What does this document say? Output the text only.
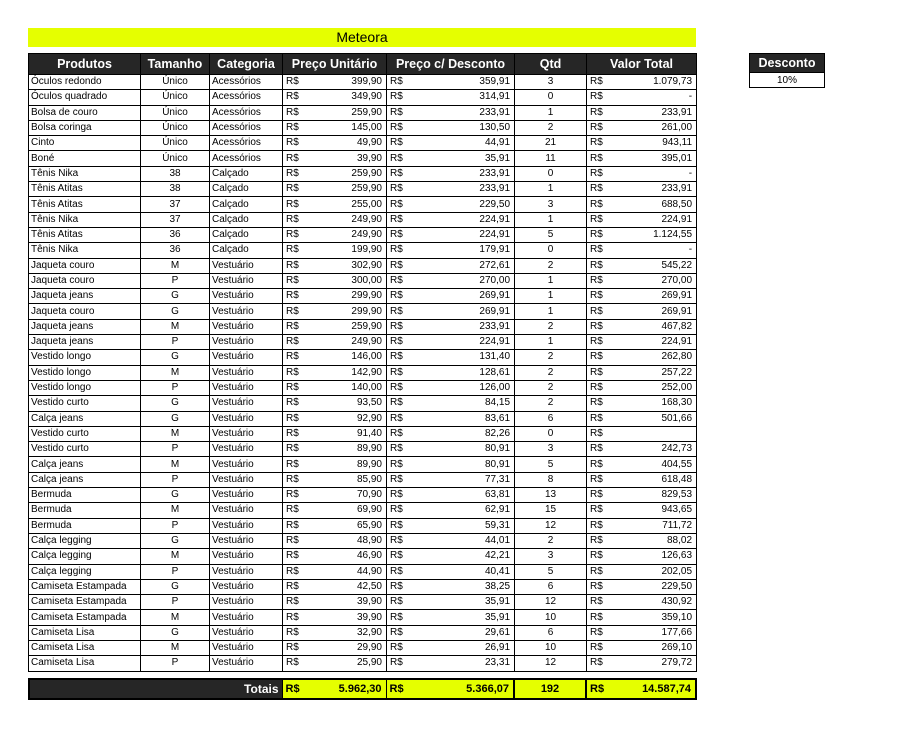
Meteora
Produtos	Tamanho	Categoria	Preço Unitário		Preço c/ Desconto		Qtd	Valor Total	
Óculos redondo	Único	Acessórios	R$	399,90	R$	359,91	3	R$	1.079,73
Óculos quadrado	Único	Acessórios	R$	349,90	R$	314,91	0	R$	-
Bolsa de couro	Único	Acessórios	R$	259,90	R$	233,91	1	R$	233,91
Bolsa coringa	Único	Acessórios	R$	145,00	R$	130,50	2	R$	261,00
Cinto	Único	Acessórios	R$	49,90	R$	44,91	21	R$	943,11
Boné	Único	Acessórios	R$	39,90	R$	35,91	11	R$	395,01
Tênis Nika	38	Calçado	R$	259,90	R$	233,91	0	R$	-
Tênis Atitas	38	Calçado	R$	259,90	R$	233,91	1	R$	233,91
Tênis Atitas	37	Calçado	R$	255,00	R$	229,50	3	R$	688,50
Tênis Nika	37	Calçado	R$	249,90	R$	224,91	1	R$	224,91
Tênis Atitas	36	Calçado	R$	249,90	R$	224,91	5	R$	1.124,55
Tênis Nika	36	Calçado	R$	199,90	R$	179,91	0	R$	-
Jaqueta couro	M	Vestuário	R$	302,90	R$	272,61	2	R$	545,22
Jaqueta couro	P	Vestuário	R$	300,00	R$	270,00	1	R$	270,00
Jaqueta jeans	G	Vestuário	R$	299,90	R$	269,91	1	R$	269,91
Jaqueta couro	G	Vestuário	R$	299,90	R$	269,91	1	R$	269,91
Jaqueta jeans	M	Vestuário	R$	259,90	R$	233,91	2	R$	467,82
Jaqueta jeans	P	Vestuário	R$	249,90	R$	224,91	1	R$	224,91
Vestido longo	G	Vestuário	R$	146,00	R$	131,40	2	R$	262,80
Vestido longo	M	Vestuário	R$	142,90	R$	128,61	2	R$	257,22
Vestido longo	P	Vestuário	R$	140,00	R$	126,00	2	R$	252,00
Vestido curto	G	Vestuário	R$	93,50	R$	84,15	2	R$	168,30
Calça jeans	G	Vestuário	R$	92,90	R$	83,61	6	R$	501,66
Vestido curto	M	Vestuário	R$	91,40	R$	82,26	0	R$	
Vestido curto	P	Vestuário	R$	89,90	R$	80,91	3	R$	242,73
Calça jeans	M	Vestuário	R$	89,90	R$	80,91	5	R$	404,55
Calça jeans	P	Vestuário	R$	85,90	R$	77,31	8	R$	618,48
Bermuda	G	Vestuário	R$	70,90	R$	63,81	13	R$	829,53
Bermuda	M	Vestuário	R$	69,90	R$	62,91	15	R$	943,65
Bermuda	P	Vestuário	R$	65,90	R$	59,31	12	R$	711,72
Calça legging	G	Vestuário	R$	48,90	R$	44,01	2	R$	88,02
Calça legging	M	Vestuário	R$	46,90	R$	42,21	3	R$	126,63
Calça legging	P	Vestuário	R$	44,90	R$	40,41	5	R$	202,05
Camiseta Estampada	G	Vestuário	R$	42,50	R$	38,25	6	R$	229,50
Camiseta Estampada	P	Vestuário	R$	39,90	R$	35,91	12	R$	430,92
Camiseta Estampada	M	Vestuário	R$	39,90	R$	35,91	10	R$	359,10
Camiseta Lisa	G	Vestuário	R$	32,90	R$	29,61	6	R$	177,66
Camiseta Lisa	M	Vestuário	R$	29,90	R$	26,91	10	R$	269,10
Camiseta Lisa	P	Vestuário	R$	25,90	R$	23,31	12	R$	279,72
Totais	R$	5.962,30	R$	5.366,07	192	R$	14.587,74
Desconto
10%
